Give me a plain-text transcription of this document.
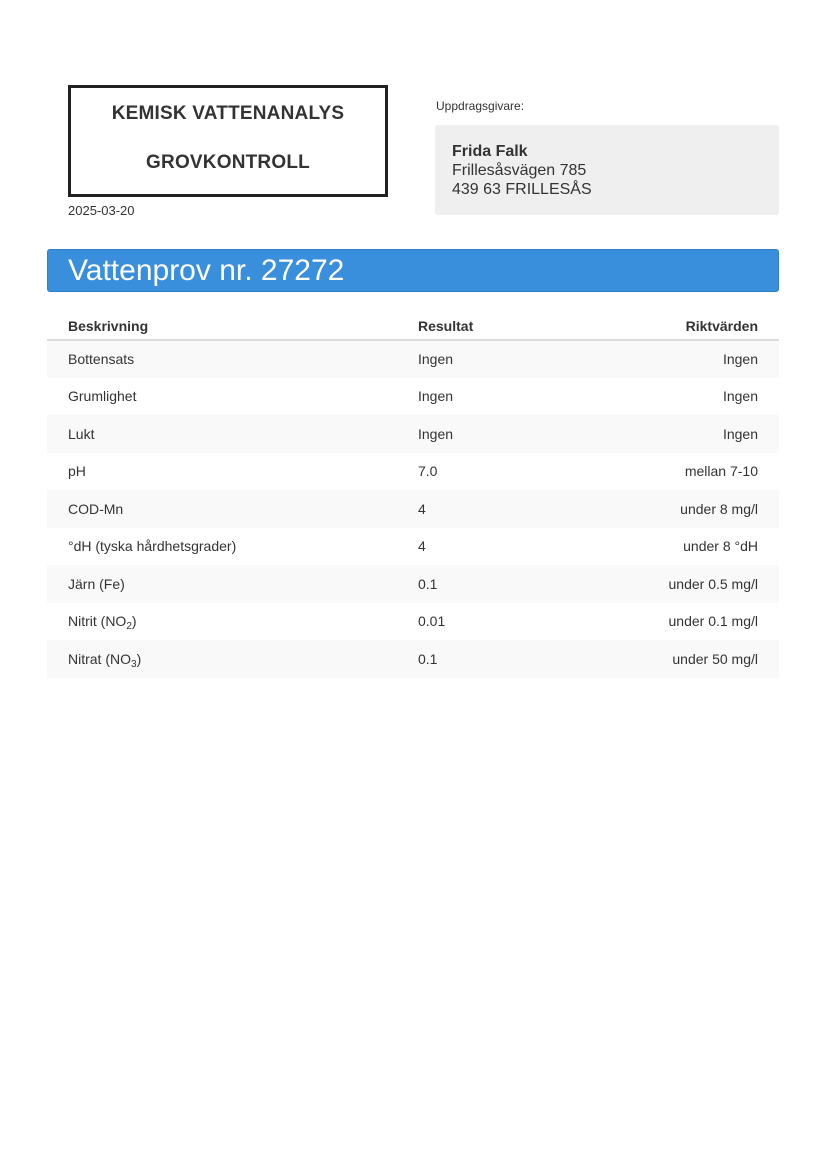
KEMISK VATTENANALYS
GROVKONTROLL
2025-03-20
Uppdragsgivare:
Frida Falk
Frillesåsvägen 785
439 63 FRILLESÅS
Vattenprov nr. 27272
Beskrivning	Resultat	Riktvärden
Bottensats	Ingen	Ingen
Grumlighet	Ingen	Ingen
Lukt	Ingen	Ingen
pH	7.0	mellan 7-10
COD-Mn	4	under 8 mg/l
°dH (tyska hårdhetsgrader)	4	under 8 °dH
Järn (Fe)	0.1	under 0.5 mg/l
Nitrit $(NO_2)$	0.01	under 0.1 mg/l
Nitrat $(NO_3)$	0.1	under 50 mg/l
